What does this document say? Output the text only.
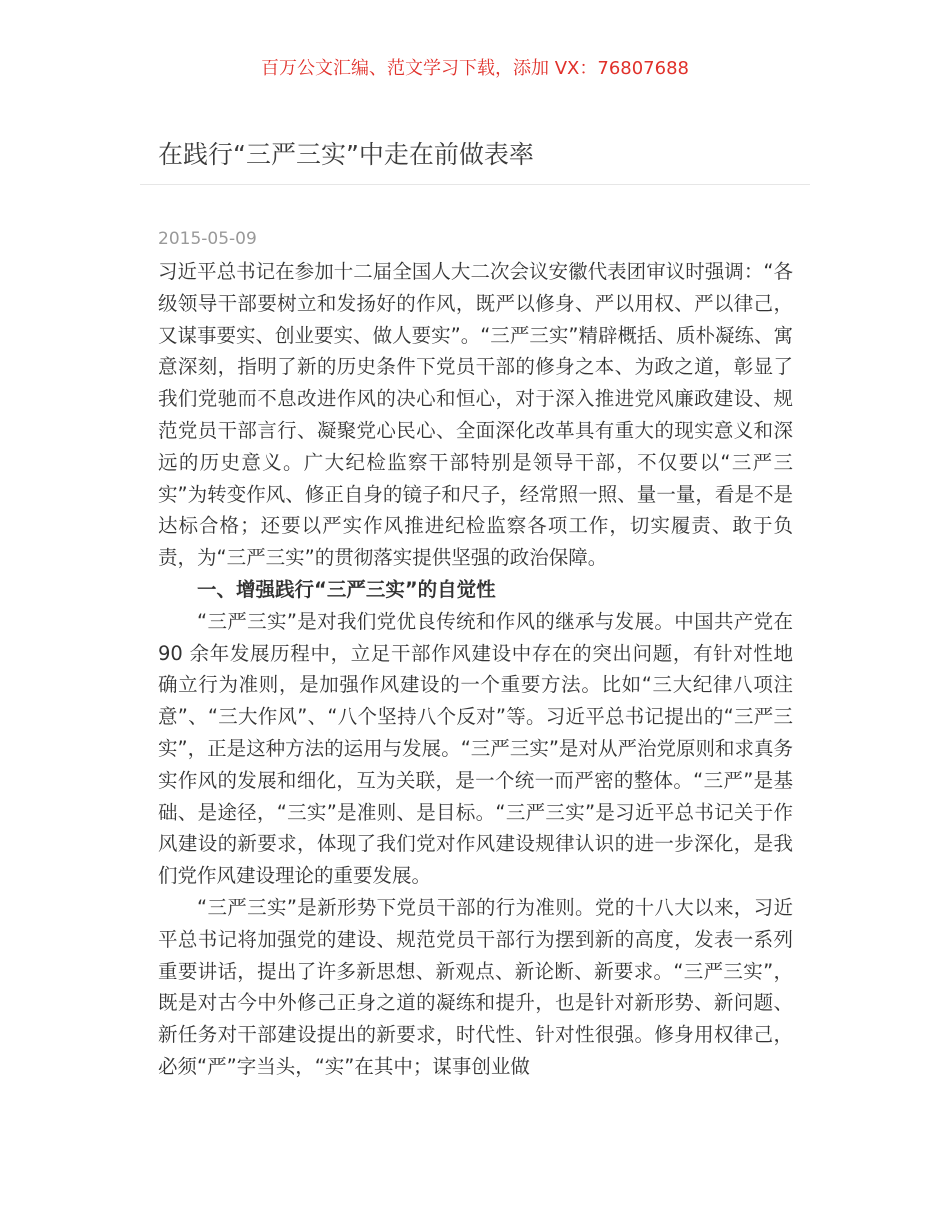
百万公文汇编、范文学习下载，添加 VX：76807688
在践行“三严三实”中走在前做表率
2015-05-09

习近平总书记在参加十二届全国人大二次会议安徽代表团审议时强调：“各级领导干部要树立和发扬好的作风，既严以修身、严以用权、严以律己，又谋事要实、创业要实、做人要实”。“三严三实”精辟概括、质朴凝练、寓意深刻，指明了新的历史条件下党员干部的修身之本、为政之道，彰显了我们党驰而不息改进作风的决心和恒心，对于深入推进党风廉政建设、规范党员干部言行、凝聚党心民心、全面深化改革具有重大的现实意义和深远的历史意义。广大纪检监察干部特别是领导干部，不仅要以“三严三实”为转变作风、修正自身的镜子和尺子，经常照一照、量一量，看是不是达标合格；还要以严实作风推进纪检监察各项工作，切实履责、敢于负责，为“三严三实”的贯彻落实提供坚强的政治保障。

一、增强践行“三严三实”的自觉性

“三严三实”是对我们党优良传统和作风的继承与发展。中国共产党在 90 余年发展历程中，立足干部作风建设中存在的突出问题，有针对性地确立行为准则，是加强作风建设的一个重要方法。比如“三大纪律八项注意”、“三大作风”、“八个坚持八个反对”等。习近平总书记提出的“三严三实”，正是这种方法的运用与发展。“三严三实”是对从严治党原则和求真务实作风的发展和细化，互为关联，是一个统一而严密的整体。“三严”是基础、是途径，“三实”是准则、是目标。“三严三实”是习近平总书记关于作风建设的新要求，体现了我们党对作风建设规律认识的进一步深化，是我们党作风建设理论的重要发展。

“三严三实”是新形势下党员干部的行为准则。党的十八大以来，习近平总书记将加强党的建设、规范党员干部行为摆到新的高度，发表一系列重要讲话，提出了许多新思想、新观点、新论断、新要求。“三严三实”，既是对古今中外修己正身之道的凝练和提升，也是针对新形势、新问题、新任务对干部建设提出的新要求，时代性、针对性很强。修身用权律己，必须“严”字当头，“实”在其中；谋事创业做
